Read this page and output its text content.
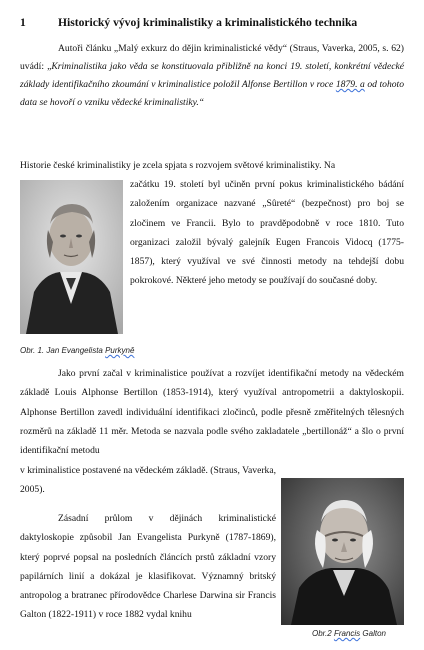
1	Historický vývoj kriminalistiky a kriminalistického technika

Autoři článku „Malý exkurz do dějin kriminalistické vědy“ (Straus, Vaverka, 2005, s. 62) uvádí: „Kriminalistika jako věda se konstituovala přibližně na konci 19. století, konkrétní vědecké základy identifikačního zkoumání v kriminalistice položil Alfonse Bertillon v roce 1879. a od tohoto data se hovoří o vzniku vědecké kriminalistiky.“

Historie české kriminalistiky je zcela spjata s rozvojem světové kriminalistiky. Na

začátku 19. století byl učiněn první pokus kriminalistického bádání založením organizace nazvané „Sûreté“ (bezpečnost) pro boj se zločinem ve Francii. Bylo to pravděpodobně v roce 1810. Tuto organizaci založil bývalý galejník Eugen Francois Vidocq (1775-1857), který využíval ve své činnosti metody na tehdejší dobu pokrokové. Některé jeho metody se používají do současné doby.

Obr. 1. Jan Evangelista Purkyně

Jako první začal v kriminalistice používat a rozvíjet identifikační metody na vědeckém základě Louis Alphonse Bertillon (1853-1914), který využíval antropometrii a daktyloskopii. Alphonse Bertillon zavedl individuální identifikaci zločinců, podle přesně změřitelných tělesných rozměrů na základě 11 měr. Metoda se nazvala podle svého zakladatele „bertillonáž“ a šlo o první identifikační metodu

v kriminalistice postavené na vědeckém základě. (Straus, Vaverka, 2005).

Zásadní průlom v dějinách kriminalistické daktyloskopie způsobil Jan Evangelista Purkyně (1787-1869), který poprvé popsal na posledních článcích prstů základní vzory papilárních linií a dokázal je klasifikovat. Významný britský antropolog a bratranec přírodovědce Charlese Darwina sir Francis Galton (1822-1911) v roce 1882 vydal knihu

Obr.2 Francis Galton
